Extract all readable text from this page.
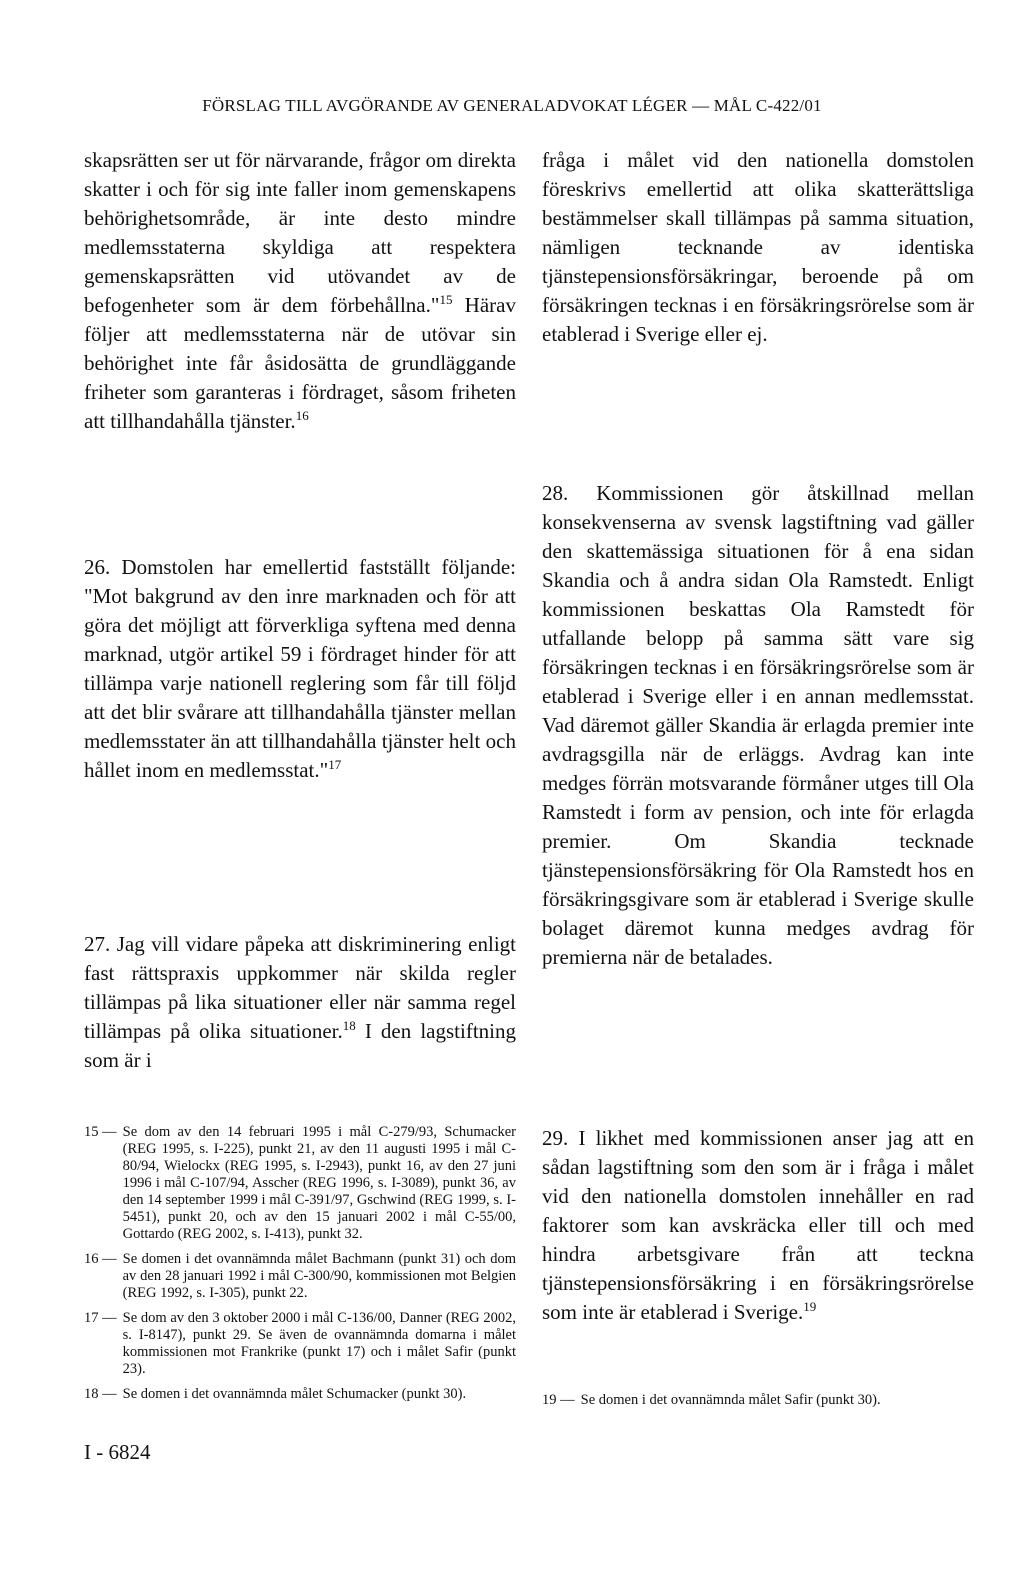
FÖRSLAG TILL AVGÖRANDE AV GENERALADVOKAT LÉGER — MÅL C-422/01

skapsrätten ser ut för närvarande, frågor om direkta skatter i och för sig inte faller inom gemenskapens behörighetsområde, är inte desto mindre medlemsstaterna skyldiga att respektera gemenskapsrätten vid utövandet av de befogenheter som är dem förbehållna."$^{15}$ Härav följer att medlemsstaterna när de utövar sin behörighet inte får åsidosätta de grundläggande friheter som garanteras i fördraget, såsom friheten att tillhandahålla tjänster.$^{16}$

26. Domstolen har emellertid fastställt följande: "Mot bakgrund av den inre marknaden och för att göra det möjligt att förverkliga syftena med denna marknad, utgör artikel 59 i fördraget hinder för att tillämpa varje nationell reglering som får till följd att det blir svårare att tillhandahålla tjänster mellan medlemsstater än att tillhandahålla tjänster helt och hållet inom en medlemsstat."$^{17}$

27. Jag vill vidare påpeka att diskriminering enligt fast rättspraxis uppkommer när skilda regler tillämpas på lika situationer eller när samma regel tillämpas på olika situationer.$^{18}$ I den lagstiftning som är i

fråga i målet vid den nationella domstolen föreskrivs emellertid att olika skatterättsliga bestämmelser skall tillämpas på samma situation, nämligen tecknande av identiska tjänstepensionsförsäkringar, beroende på om försäkringen tecknas i en försäkringsrörelse som är etablerad i Sverige eller ej.

28. Kommissionen gör åtskillnad mellan konsekvenserna av svensk lagstiftning vad gäller den skattemässiga situationen för å ena sidan Skandia och å andra sidan Ola Ramstedt. Enligt kommissionen beskattas Ola Ramstedt för utfallande belopp på samma sätt vare sig försäkringen tecknas i en försäkringsrörelse som är etablerad i Sverige eller i en annan medlemsstat. Vad däremot gäller Skandia är erlagda premier inte avdragsgilla när de erläggs. Avdrag kan inte medges förrän motsvarande förmåner utges till Ola Ramstedt i form av pension, och inte för erlagda premier. Om Skandia tecknade tjänstepensionsförsäkring för Ola Ramstedt hos en försäkringsgivare som är etablerad i Sverige skulle bolaget däremot kunna medges avdrag för premierna när de betalades.

29. I likhet med kommissionen anser jag att en sådan lagstiftning som den som är i fråga i målet vid den nationella domstolen innehåller en rad faktorer som kan avskräcka eller till och med hindra arbetsgivare från att teckna tjänstepensionsförsäkring i en försäkringsrörelse som inte är etablerad i Sverige.$^{19}$

15 — Se dom av den 14 februari 1995 i mål C-279/93, Schumacker (REG 1995, s. I-225), punkt 21, av den 11 augusti 1995 i mål C-80/94, Wielockx (REG 1995, s. I-2943), punkt 16, av den 27 juni 1996 i mål C-107/94, Asscher (REG 1996, s. I-3089), punkt 36, av den 14 september 1999 i mål C-391/97, Gschwind (REG 1999, s. I-5451), punkt 20, och av den 15 januari 2002 i mål C-55/00, Gottardo (REG 2002, s. I-413), punkt 32.
16 — Se domen i det ovannämnda målet Bachmann (punkt 31) och dom av den 28 januari 1992 i mål C-300/90, kommissionen mot Belgien (REG 1992, s. I-305), punkt 22.
17 — Se dom av den 3 oktober 2000 i mål C-136/00, Danner (REG 2002, s. I-8147), punkt 29. Se även de ovannämnda domarna i målet kommissionen mot Frankrike (punkt 17) och i målet Safir (punkt 23).
18 — Se domen i det ovannämnda målet Schumacker (punkt 30).	19 — Se domen i det ovannämnda målet Safir (punkt 30).
I - 6824
